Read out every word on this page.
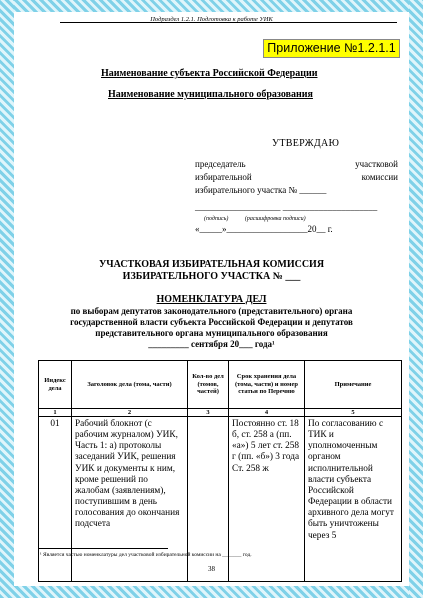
Подраздел 1.2.1. Подготовка к работе УИК
Приложение №1.2.1.1
Наименование субъекта Российской Федерации
Наименование муниципального образования
УТВЕРЖДАЮ
председатель	участковой
избирательной	комиссии
избирательного участка № ______
___________________ _____________________
(подпись)           (расшифровка подписи)
«_____»__________________20__ г.
УЧАСТКОВАЯ ИЗБИРАТЕЛЬНАЯ КОМИССИЯ
ИЗБИРАТЕЛЬНОГО УЧАСТКА № ___
НОМЕНКЛАТУРА ДЕЛ
по выборам депутатов законодательного (представительного) органа
государственной власти субъекта Российской Федерации и депутатов
представительного органа муниципального образования
_________ сентября 20___ года¹
Индекс дела	Заголовок дела (тома, части)	Кол-во дел (томов, частей)	Срок хранения дела (тома, части) и номер статьи по Перечню	Примечание
1	2	3	4	5
01	Рабочий блокнот (с рабочим журналом) УИК, Часть 1: а) протоколы заседаний УИК, решения УИК и документы к ним, кроме решений по жалобам (заявлениям), поступившим в день голосования до окончания подсчета		Постоянно ст. 18 б, ст. 258 а (пп. «а») 5 лет ст. 258 г (пп. «б») 3 года Ст. 258 ж	По согласованию с ТИК и уполномоченным органом исполнительной власти субъекта Российской Федерации в области архивного дела могут быть уничтожены через 5
¹ Является частью номенклатуры дел участковой избирательной комиссии на _______ год.
38
